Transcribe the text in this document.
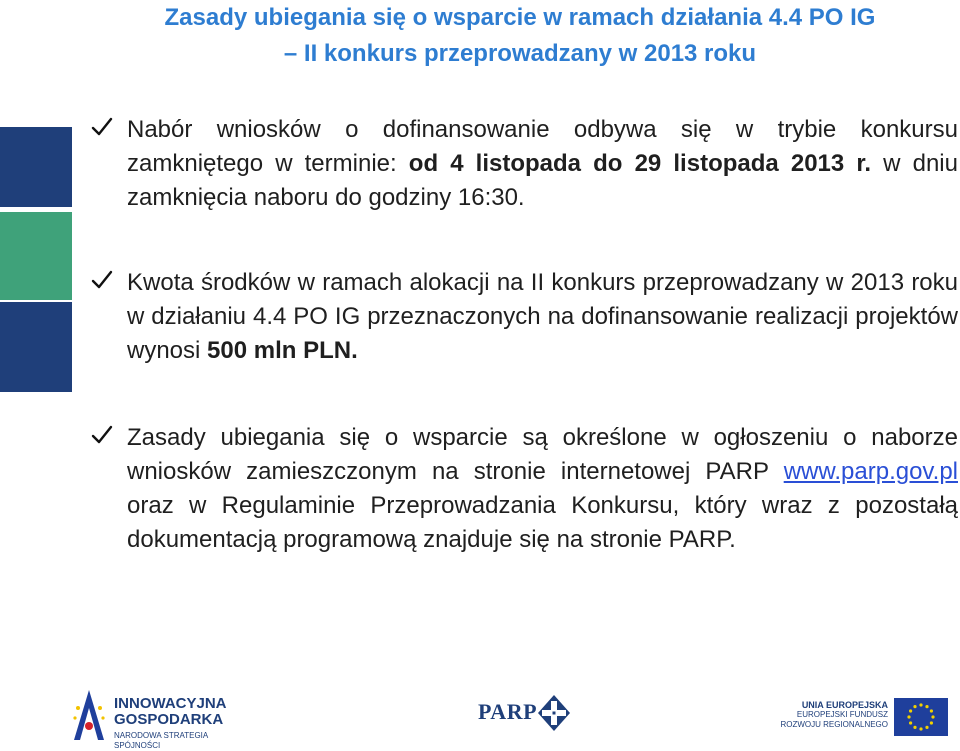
Zasady ubiegania się o wsparcie w ramach działania 4.4 PO IG
– II konkurs przeprowadzany w 2013 roku
Nabór wniosków o dofinansowanie odbywa się w trybie konkursu zamkniętego w terminie: od 4 listopada do 29 listopada 2013 r. w dniu zamknięcia naboru do godziny 16:30.
Kwota środków w ramach alokacji na II konkurs przeprowadzany w 2013 roku w działaniu 4.4 PO IG przeznaczonych na dofinansowanie realizacji projektów wynosi 500 mln PLN.
Zasady ubiegania się o wsparcie są określone w ogłoszeniu o naborze wniosków zamieszczonym na stronie internetowej PARP www.parp.gov.pl oraz w Regulaminie Przeprowadzania Konkursu, który wraz z pozostałą dokumentacją programową znajduje się na stronie PARP.
INNOWACYJNA
GOSPODARKA
NARODOWA STRATEGIA SPÓJNOŚCI
PARP	UNIA EUROPEJSKA
EUROPEJSKI FUNDUSZ
ROZWOJU REGIONALNEGO
